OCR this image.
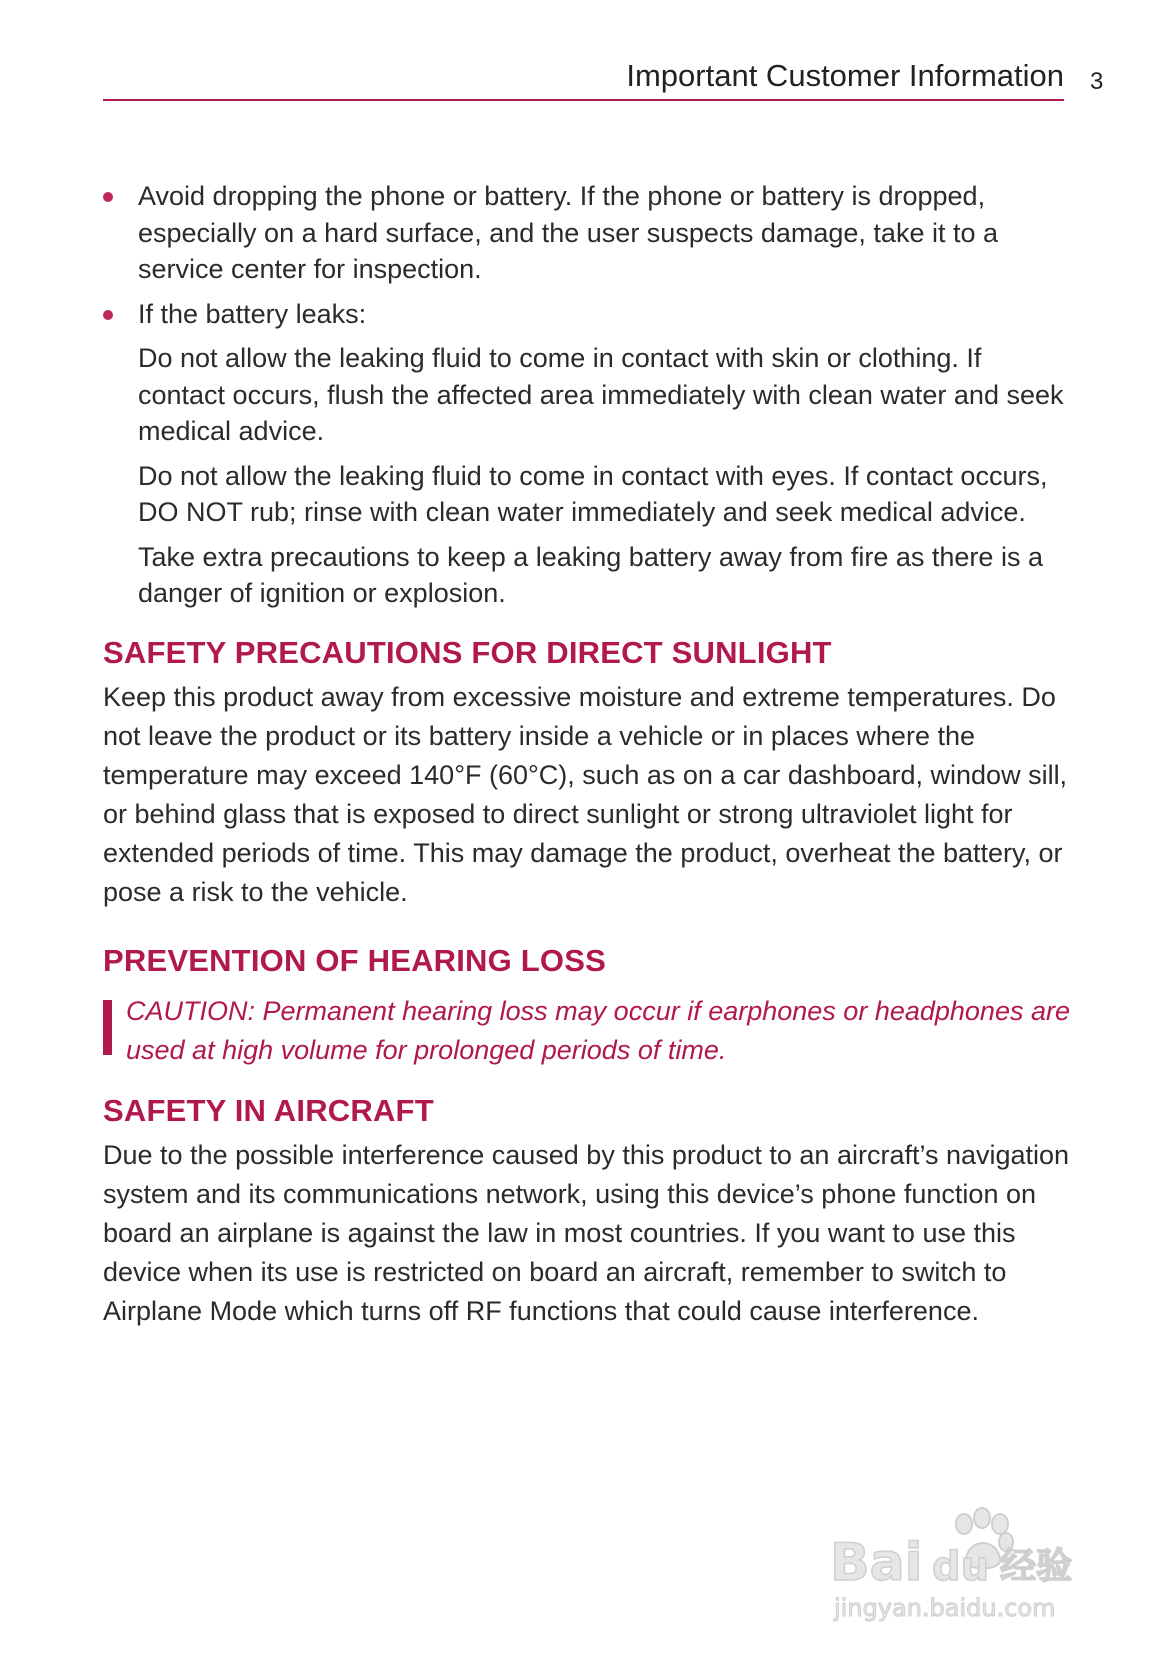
Important Customer Information 3
Avoid dropping the phone or battery. If the phone or battery is dropped, especially on a hard surface, and the user suspects damage, take it to a service center for inspection.
If the battery leaks:
Do not allow the leaking fluid to come in contact with skin or clothing. If contact occurs, flush the affected area immediately with clean water and seek medical advice.
Do not allow the leaking fluid to come in contact with eyes. If contact occurs, DO NOT rub; rinse with clean water immediately and seek medical advice.
Take extra precautions to keep a leaking battery away from fire as there is a danger of ignition or explosion.
SAFETY PRECAUTIONS FOR DIRECT SUNLIGHT

Keep this product away from excessive moisture and extreme temperatures. Do not leave the product or its battery inside a vehicle or in places where the temperature may exceed 140°F (60°C), such as on a car dashboard, window sill, or behind glass that is exposed to direct sunlight or strong ultraviolet light for extended periods of time. This may damage the product, overheat the battery, or pose a risk to the vehicle.

PREVENTION OF HEARING LOSS
CAUTION: Permanent hearing loss may occur if earphones or headphones are used at high volume for prolonged periods of time.
SAFETY IN AIRCRAFT

Due to the possible interference caused by this product to an aircraft’s navigation system and its communications network, using this device’s phone function on board an airplane is against the law in most countries. If you want to use this device when its use is restricted on board an aircraft, remember to switch to Airplane Mode which turns off RF functions that could cause interference.

Bai du 经验
jingyan.baidu.com
